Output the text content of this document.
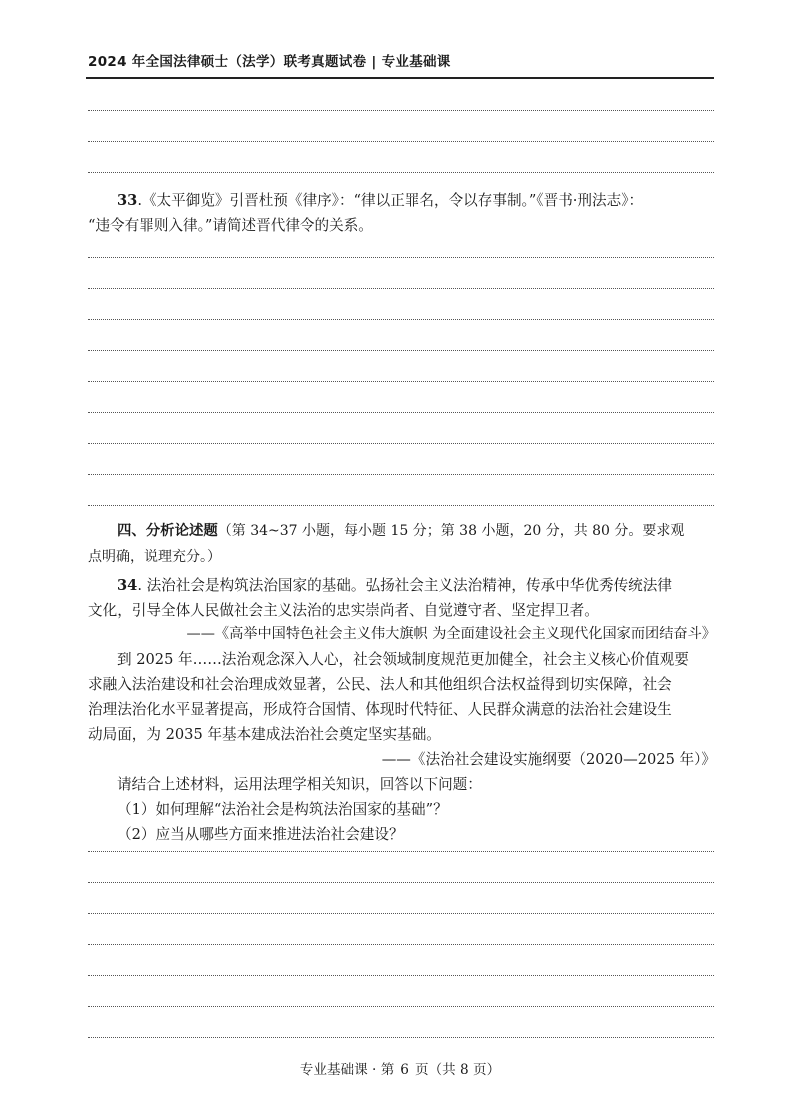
2024 年全国法律硕士（法学）联考真题试卷 | 专业基础课
33.《太平御览》引晋杜预《律序》：“律以正罪名，令以存事制。”《晋书·刑法志》：
“违令有罪则入律。”请简述晋代律令的关系。
四、分析论述题（第 34~37 小题，每小题 15 分；第 38 小题，20 分，共 80 分。要求观
点明确，说理充分。）
34. 法治社会是构筑法治国家的基础。弘扬社会主义法治精神，传承中华优秀传统法律
文化，引导全体人民做社会主义法治的忠实崇尚者、自觉遵守者、坚定捍卫者。
——《高举中国特色社会主义伟大旗帜 为全面建设社会主义现代化国家而团结奋斗》
到 2025 年……法治观念深入人心，社会领域制度规范更加健全，社会主义核心价值观要
求融入法治建设和社会治理成效显著，公民、法人和其他组织合法权益得到切实保障，社会
治理法治化水平显著提高，形成符合国情、体现时代特征、人民群众满意的法治社会建设生
动局面，为 2035 年基本建成法治社会奠定坚实基础。
——《法治社会建设实施纲要（2020—2025 年）》
请结合上述材料，运用法理学相关知识，回答以下问题：
（1）如何理解“法治社会是构筑法治国家的基础”？
（2）应当从哪些方面来推进法治社会建设？
专业基础课 · 第 6 页（共 8 页）
